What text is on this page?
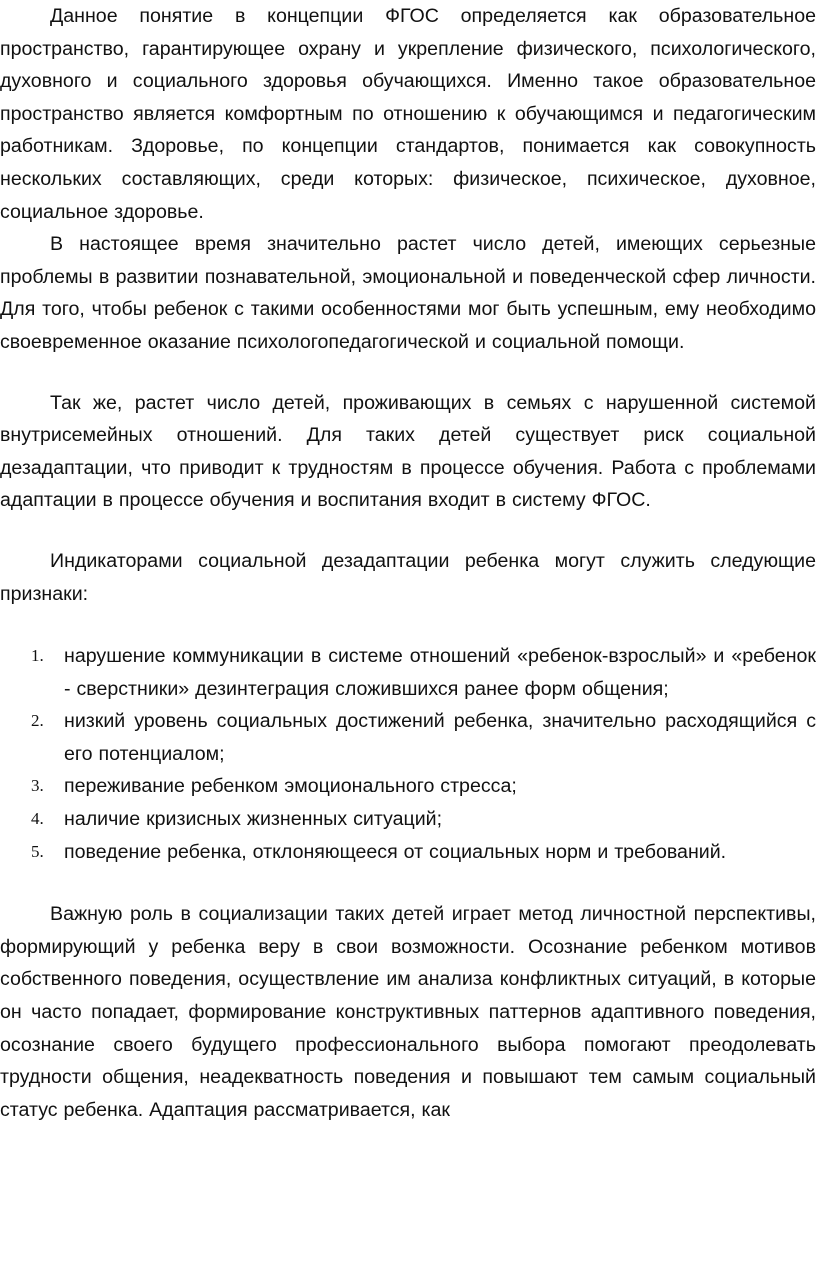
Данное понятие в концепции ФГОС определяется как образовательное пространство, гарантирующее охрану и укрепление физического, психологического, духовного и социального здоровья обучающихся. Именно такое образовательное пространство является комфортным по отношению к обучающимся и педагогическим работникам. Здоровье, по концепции стандартов, понимается как совокупность нескольких составляющих, среди которых: физическое, психическое, духовное, социальное здоровье.

В настоящее время значительно растет число детей, имеющих серьезные проблемы в развитии познавательной, эмоциональной и поведенческой сфер личности. Для того, чтобы ребенок с такими особенностями мог быть успешным, ему необходимо своевременное оказание психологопедагогической и социальной помощи.

Так же, растет число детей, проживающих в семьях с нарушенной системой внутрисемейных отношений. Для таких детей существует риск социальной дезадаптации, что приводит к трудностям в процессе обучения. Работа с проблемами адаптации в процессе обучения и воспитания входит в систему ФГОС.

Индикаторами социальной дезадаптации ребенка могут служить следующие признаки:

1. нарушение коммуникации в системе отношений «ребенок-взрослый» и «ребенок - сверстники» дезинтеграция сложившихся ранее форм общения;
2. низкий уровень социальных достижений ребенка, значительно расходящийся с его потенциалом;
3. переживание ребенком эмоционального стресса;
4. наличие кризисных жизненных ситуаций;
5. поведение ребенка, отклоняющееся от социальных норм и требований.

Важную роль в социализации таких детей играет метод личностной перспективы, формирующий у ребенка веру в свои возможности. Осознание ребенком мотивов собственного поведения, осуществление им анализа конфликтных ситуаций, в которые он часто попадает, формирование конструктивных паттернов адаптивного поведения, осознание своего будущего профессионального выбора помогают преодолевать трудности общения, неадекватность поведения и повышают тем самым социальный статус ребенка. Адаптация рассматривается, как
